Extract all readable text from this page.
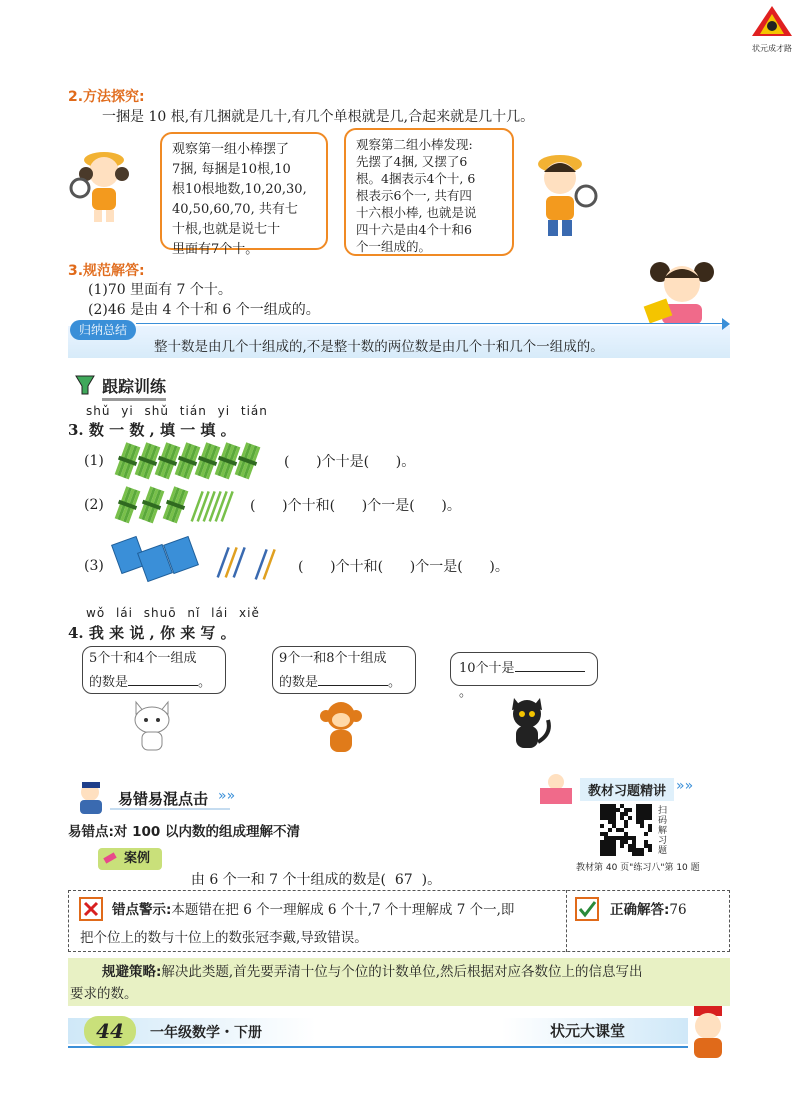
状元成才路
2.方法探究:
一捆是 10 根,有几捆就是几十,有几个单根就是几,合起来就是几十几。
观察第一组小棒摆了
7捆, 每捆是10根,10
根10根地数,10,20,30,
40,50,60,70, 共有七
十根,也就是说七十
里面有7个十。
观察第二组小棒发现:
先摆了4捆, 又摆了6
根。4捆表示4个十, 6
根表示6个一, 共有四
十六根小棒, 也就是说
四十六是由4个十和6
个一组成的。
3.规范解答:
(1)70 里面有 7 个十。
(2)46 是由 4 个十和 6 个一组成的。
归纳总结
整十数是由几个十组成的,不是整十数的两位数是由几个十和几个一组成的。
跟踪训练
shǔ yi shǔ tián yi tián
3. 数 一 数 , 填 一 填 。
(1)	(      )个十是(      )。
(2)	(      )个十和(      )个一是(      )。
(3)	(      )个十和(      )个一是(      )。
wǒ lái shuō nǐ lái xiě
4. 我 来 说 , 你 来 写 。
5个十和4个一组成
的数是	。
9个一和8个十组成
的数是	。
10个十是。
易错易混点击 »»	教材习题精讲 »»
扫码解习题
教材第 40 页"练习八"第 10 题
易错点:对 100 以内数的组成理解不清
案例

由 6 个一和 7 个十组成的数是( 67 )。

错点警示:本题错在把 6 个一理解成 6 个十,7 个十理解成 7 个一,即
把个位上的数与十位上的数张冠李戴,导致错误。
正确解答:76
规避策略:解决此类题,首先要弄清十位与个位的计数单位,然后根据对应各数位上的信息写出
要求的数。
44	一年级数学・下册	状元大课堂
